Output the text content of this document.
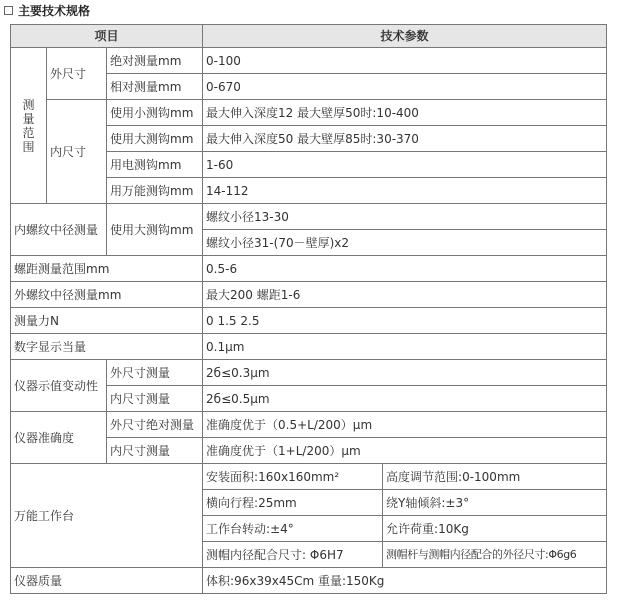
主要技术规格
项目			技术参数	
测
量
范
围	外尺寸	绝对测量mm	0-100	
		相对测量mm	0-670	
	内尺寸	使用小测钩mm	最大伸入深度12 最大壁厚50时:10-400	
		使用大测钩mm	最大伸入深度50 最大壁厚85时:30-370	
		用电测钩mm	1-60	
		用万能测钩mm	14-112	
内螺纹中径测量		使用大测钩mm	螺纹小径13-30	
			螺纹小径31-(70－壁厚)x2	
螺距测量范围mm			0.5-6	
外螺纹中径测量mm			最大200 螺距1-6	
测量力N			0 1.5 2.5	
数字显示当量			0.1μm	
仪器示值变动性		外尺寸测量	2б≤0.3μm	
		内尺寸测量	2б≤0.5μm	
仪器准确度		外尺寸绝对测量	准确度优于（0.5+L/200）μm	
		内尺寸测量	准确度优于（1+L/200）μm	
万能工作台			安装面积:160x160mm²	高度调节范围:0-100mm
			横向行程:25mm	绕Y轴倾斜:±3°
			工作台转动:±4°	允许荷重:10Kg
			测帽内径配合尺寸: Φ6H7	测帽杆与测帽内径配合的外径尺寸:Φ6g6
仪器质量			体积:96x39x45Cm 重量:150Kg	
